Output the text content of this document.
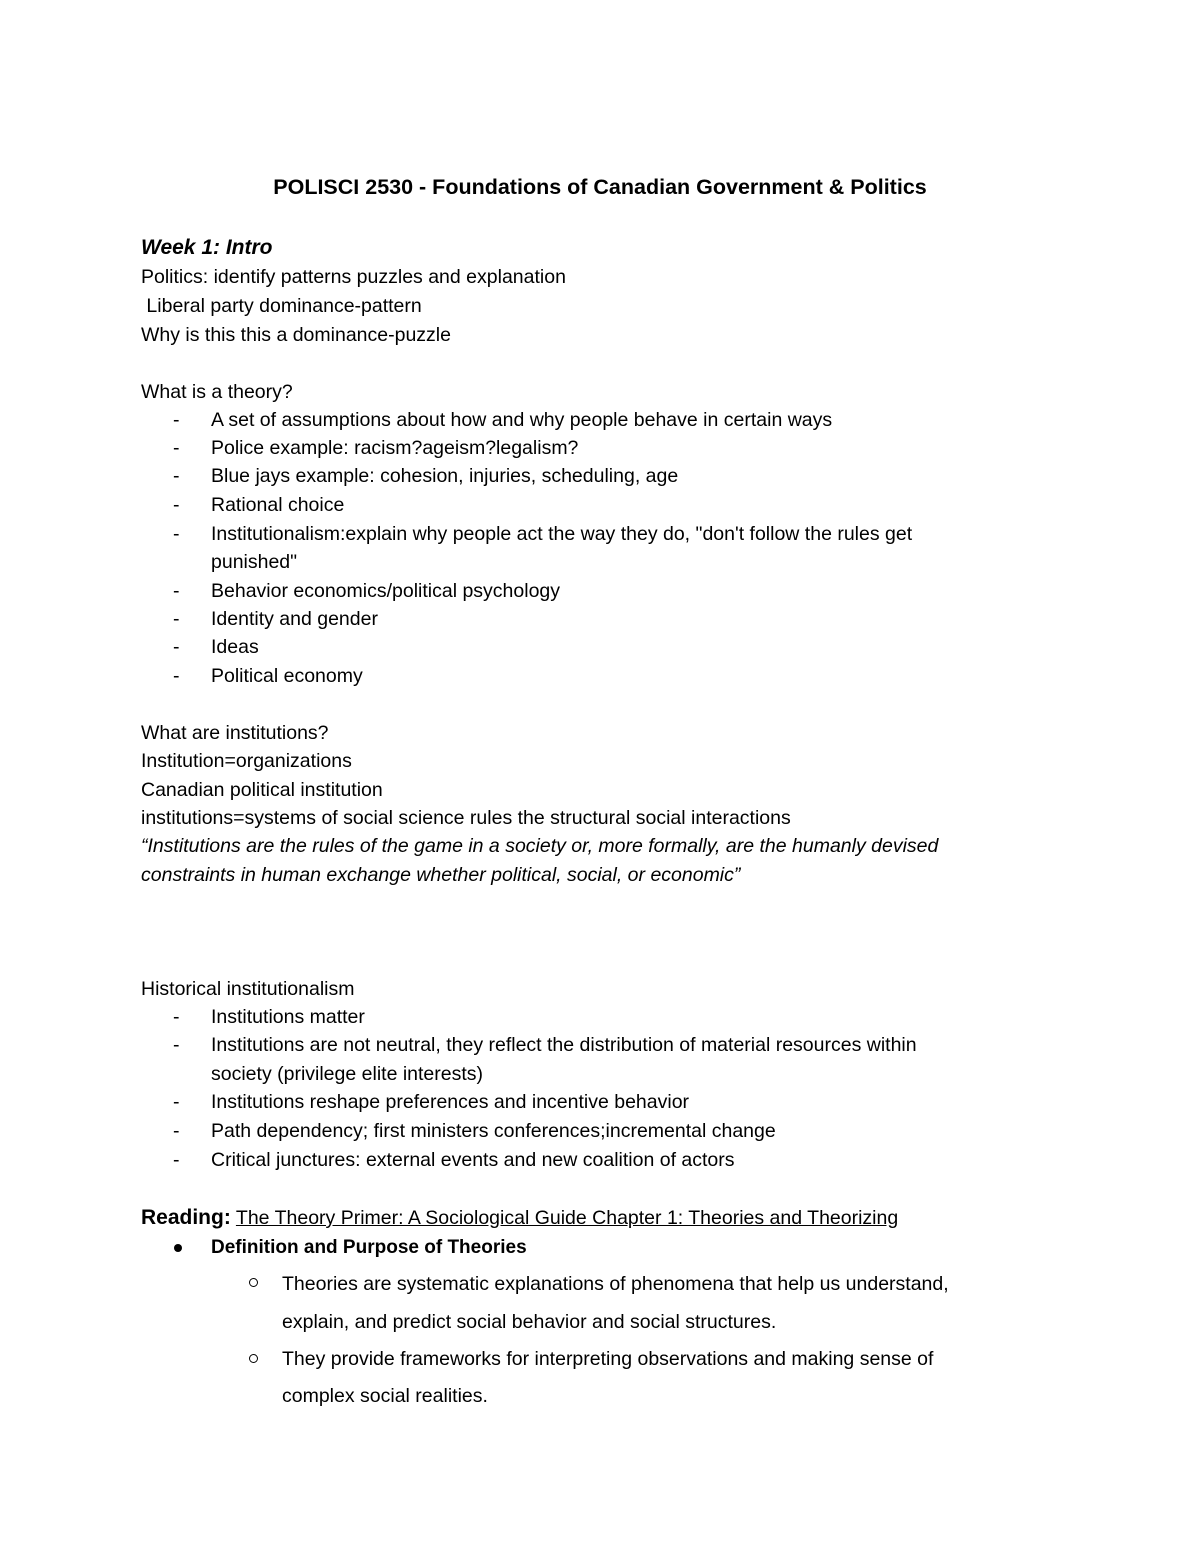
POLISCI 2530 - Foundations of Canadian Government & Politics
Week 1: Intro
Politics: identify patterns puzzles and explanation
Liberal party dominance-pattern
Why is this this a dominance-puzzle
What is a theory?
- A set of assumptions about how and why people behave in certain ways
- Police example: racism?ageism?legalism?
- Blue jays example: cohesion, injuries, scheduling, age
- Rational choice
- Institutionalism:explain why people act the way they do, "don't follow the rules get
punished"
- Behavior economics/political psychology
- Identity and gender
- Ideas
- Political economy
What are institutions?
Institution=organizations
Canadian political institution
institutions=systems of social science rules the structural social interactions
“Institutions are the rules of the game in a society or, more formally, are the humanly devised
constraints in human exchange whether political, social, or economic”
Historical institutionalism
- Institutions matter
- Institutions are not neutral, they reflect the distribution of material resources within
society (privilege elite interests)
- Institutions reshape preferences and incentive behavior
- Path dependency; first ministers conferences;incremental change
- Critical junctures: external events and new coalition of actors
Reading: The Theory Primer: A Sociological Guide Chapter 1: Theories and Theorizing
Definition and Purpose of Theories
Theories are systematic explanations of phenomena that help us understand,
explain, and predict social behavior and social structures.
They provide frameworks for interpreting observations and making sense of
complex social realities.
